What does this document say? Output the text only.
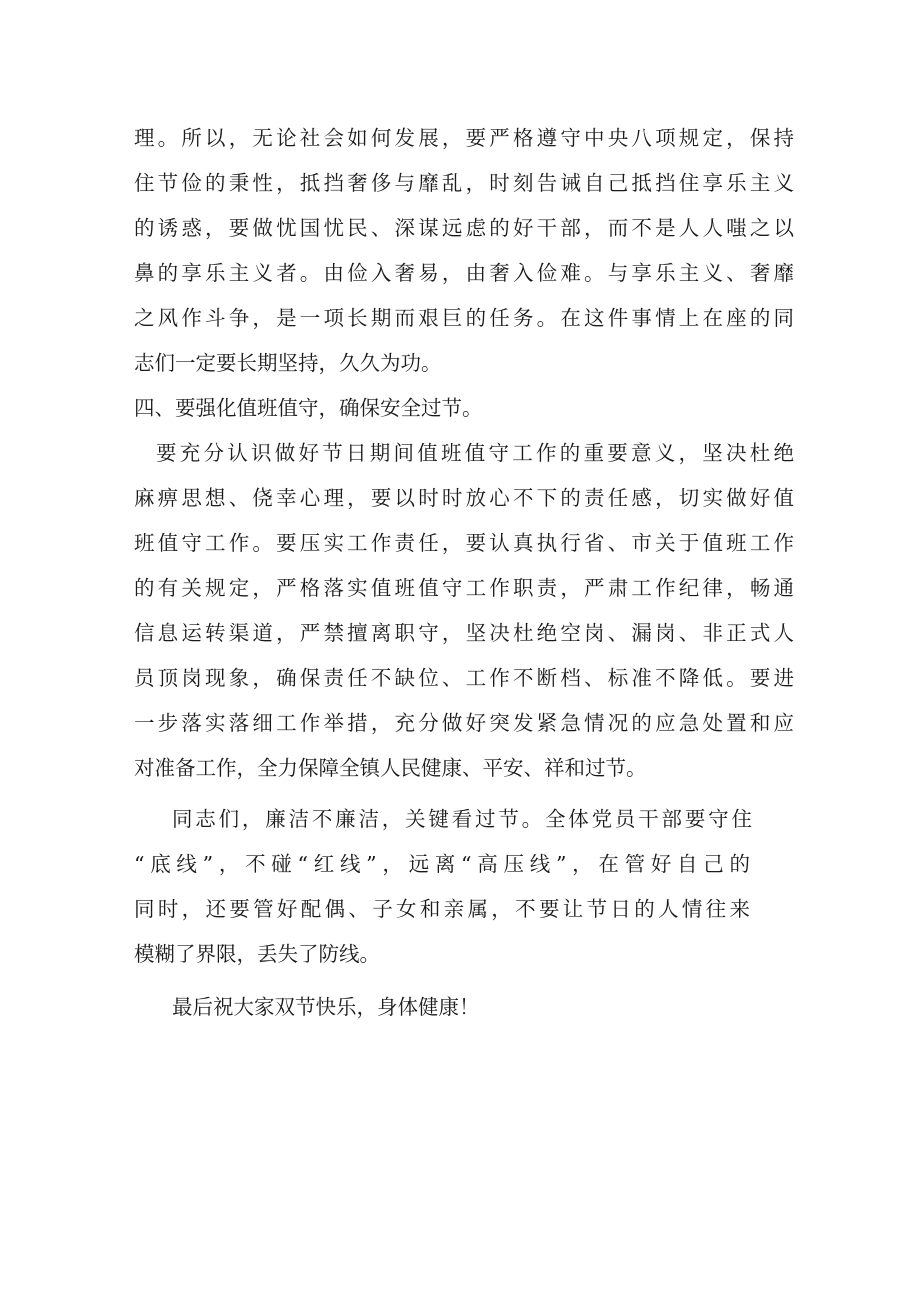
理。所以，无论社会如何发展，要严格遵守中央八项规定，保持
住节俭的秉性，抵挡奢侈与靡乱，时刻告诫自己抵挡住享乐主义
的诱惑，要做忧国忧民、深谋远虑的好干部，而不是人人嗤之以
鼻的享乐主义者。由俭入奢易，由奢入俭难。与享乐主义、奢靡
之风作斗争，是一项长期而艰巨的任务。在这件事情上在座的同
志们一定要长期坚持，久久为功。
四、要强化值班值守，确保安全过节。
要充分认识做好节日期间值班值守工作的重要意义，坚决杜绝
麻痹思想、侥幸心理，要以时时放心不下的责任感，切实做好值
班值守工作。要压实工作责任，要认真执行省、市关于值班工作
的有关规定，严格落实值班值守工作职责，严肃工作纪律，畅通
信息运转渠道，严禁擅离职守，坚决杜绝空岗、漏岗、非正式人
员顶岗现象，确保责任不缺位、工作不断档、标准不降低。要进
一步落实落细工作举措，充分做好突发紧急情况的应急处置和应
对准备工作，全力保障全镇人民健康、平安、祥和过节。
同志们，廉洁不廉洁，关键看过节。全体党员干部要守住
“底线”，不碰“红线”，远离“高压线”，在管好自己的
同时，还要管好配偶、子女和亲属，不要让节日的人情往来
模糊了界限，丢失了防线。
最后祝大家双节快乐，身体健康！
